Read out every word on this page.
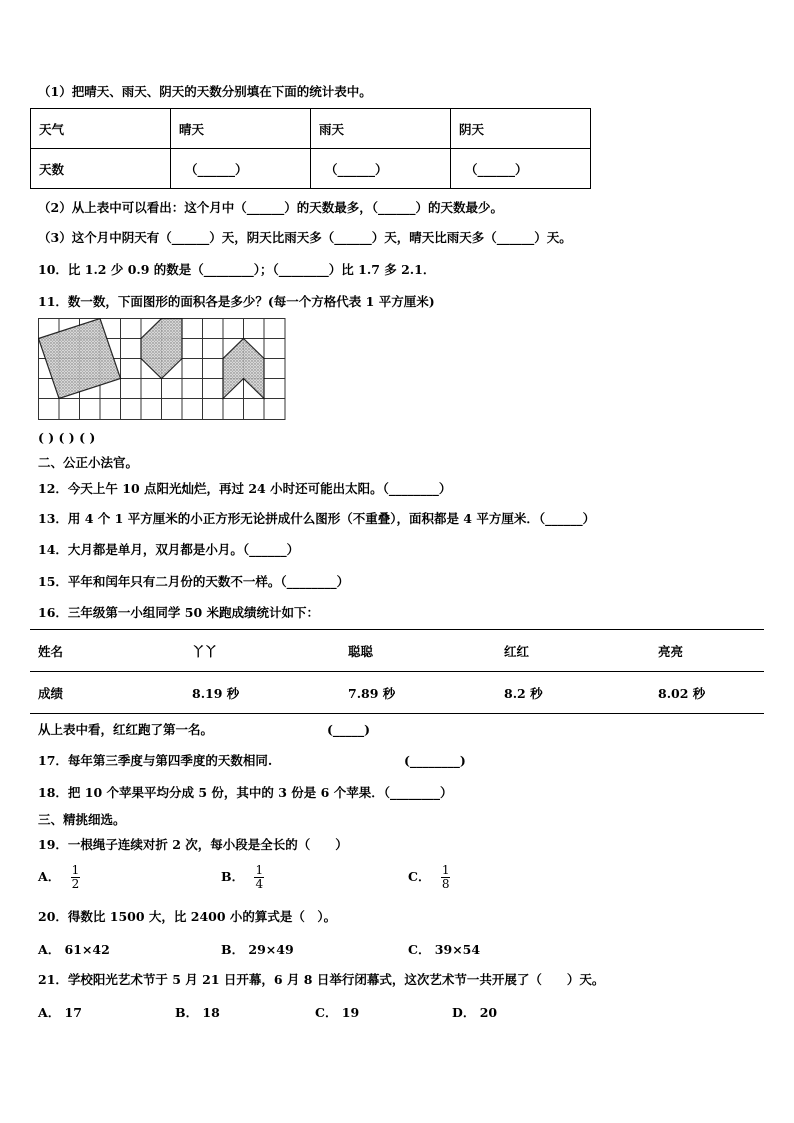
（1）把晴天、雨天、阴天的天数分别填在下面的统计表中。
天气	晴天	雨天	阴天
天数	（______）	（______）	（______）
（2）从上表中可以看出：这个月中（______）的天数最多，（______）的天数最少。
（3）这个月中阴天有（______）天，阴天比雨天多（______）天，晴天比雨天多（______）天。
10．比 1.2 少 0.9 的数是（________）；（________）比 1.7 多 2.1．
11．数一数，下面图形的面积各是多少？(每一个方格代表 1 平方厘米)
( ) ( ) ( )
二、公正小法官。
12．今天上午 10 点阳光灿烂，再过 24 小时还可能出太阳。（________）
13．用 4 个 1 平方厘米的小正方形无论拼成什么图形（不重叠），面积都是 4 平方厘米．（______）
14．大月都是单月，双月都是小月。（______）
15．平年和闰年只有二月份的天数不一样。（________）
16．三年级第一小组同学 50 米跑成绩统计如下：
姓名	丫丫	聪聪	红红	亮亮
成绩	8.19 秒	7.89 秒	8.2 秒	8.02 秒
从上表中看，红红跑了第一名。	(_____)
17．每年第三季度与第四季度的天数相同.	(________)
18．把 10 个苹果平均分成 5 份，其中的 3 份是 6 个苹果．（________）
三、精挑细选。
19．一根绳子连续对折 2 次，每小段是全长的（　　）
A． $\frac{1}{2}$	B． $\frac{1}{4}$	C． $\frac{1}{8}$
20．得数比 1500 大，比 2400 小的算式是（　）。
A． 61×42	B． 29×49	C． 39×54
21．学校阳光艺术节于 5 月 21 日开幕，6 月 8 日举行闭幕式，这次艺术节一共开展了（　　）天。
A． 17	B． 18	C． 19	D． 20
